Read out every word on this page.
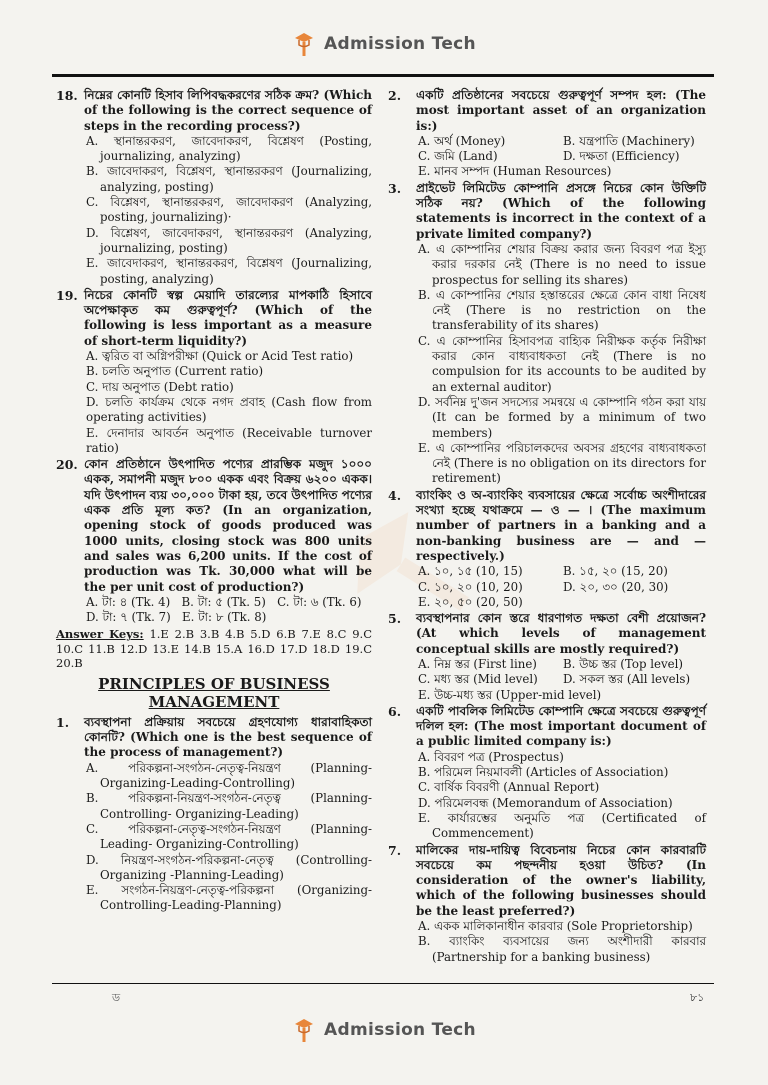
Admission Tech
18. নিম্নের কোনটি হিসাব লিপিবদ্ধকরণের সঠিক ক্রম? (Which of the following is the correct sequence of steps in the recording process?)
A. স্থানান্তরকরণ, জাবেদাকরণ, বিশ্লেষণ (Posting, journalizing, analyzing)
B. জাবেদাকরণ, বিশ্লেষণ, স্থানান্তরকরণ (Journalizing, analyzing, posting)
C. বিশ্লেষণ, স্থানান্তরকরণ, জাবেদাকরণ (Analyzing, posting, journalizing)·
D. বিশ্লেষণ, জাবেদাকরণ, স্থানান্তরকরণ (Analyzing, journalizing, posting)
E. জাবেদাকরণ, স্থানান্তরকরণ, বিশ্লেষণ (Journalizing, posting, analyzing)
19. নিচের কোনটি স্বল্প মেয়াদি তারল্যের মাপকাঠি হিসাবে অপেক্ষাকৃত কম গুরুত্বপূর্ণ? (Which of the following is less important as a measure of short-term liquidity?)
A. ত্বরিত বা অগ্নিপরীক্ষা (Quick or Acid Test ratio)
B. চলতি অনুপাত (Current ratio)
C. দায় অনুপাত (Debt ratio)
D. চলতি কার্যক্রম থেকে নগদ প্রবাহ (Cash flow from operating activities)
E. দেনাদার আবর্তন অনুপাত (Receivable turnover ratio)
20. কোন প্রতিষ্ঠানে উৎপাদিত পণ্যের প্রারম্ভিক মজুদ ১০০০ একক, সমাপনী মজুদ ৮০০ একক এবং বিক্রয় ৬২০০ একক। যদি উৎপাদন ব্যয় ৩০,০০০ টাকা হয়, তবে উৎপাদিত পণ্যের একক প্রতি মূল্য কত? (In an organization, opening stock of goods produced was 1000 units, closing stock was 800 units and sales was 6,200 units. If the cost of production was Tk. 30,000 what will be the per unit cost of production?)
A. টা: ৪ (Tk. 4) B. টা: ৫ (Tk. 5) C. টা: ৬ (Tk. 6)
D. টা: ৭ (Tk. 7) E. টা: ৮ (Tk. 8)
Answer Keys: 1.E 2.B 3.B 4.B 5.D 6.B 7.E 8.C 9.C 10.C 11.B 12.D 13.E 14.B 15.A 16.D 17.D 18.D 19.C 20.B
PRINCIPLES OF BUSINESS MANAGEMENT
1.	ব্যবস্থাপনা প্রক্রিয়ায় সবচেয়ে গ্রহণযোগ্য ধারাবাহিকতা কোনটি? (Which one is the best sequence of the process of management?)
A. পরিকল্পনা-সংগঠন-নেতৃত্ব-নিয়ন্ত্রণ (Planning-Organizing-Leading-Controlling)
B. পরিকল্পনা-নিয়ন্ত্রণ-সংগঠন-নেতৃত্ব (Planning-Controlling- Organizing-Leading)
C. পরিকল্পনা-নেতৃত্ব-সংগঠন-নিয়ন্ত্রণ (Planning-Leading- Organizing-Controlling)
D. নিয়ন্ত্রণ-সংগঠন-পরিকল্পনা-নেতৃত্ব (Controlling-Organizing -Planning-Leading)
E. সংগঠন-নিয়ন্ত্রণ-নেতৃত্ব-পরিকল্পনা (Organizing-Controlling-Leading-Planning)
2.	একটি প্রতিষ্ঠানের সবচেয়ে গুরুত্বপূর্ণ সম্পদ হল: (The most important asset of an organization is:)
A. অর্থ (Money)	B. যন্ত্রপাতি (Machinery)
C. জমি (Land)	D. দক্ষতা (Efficiency)
E. মানব সম্পদ (Human Resources)
3.	প্রাইভেট লিমিটেড কোম্পানি প্রসঙ্গে নিচের কোন উক্তিটি সঠিক নয়? (Which of the following statements is incorrect in the context of a private limited company?)
A. এ কোম্পানির শেয়ার বিক্রয় করার জন্য বিবরণ পত্র ইস্যু করার দরকার নেই (There is no need to issue prospectus for selling its shares)
B. এ কোম্পানির শেয়ার হস্তান্তরের ক্ষেত্রে কোন বাধা নিষেধ নেই (There is no restriction on the transferability of its shares)
C. এ কোম্পানির হিসাবপত্র বাহ্যিক নিরীক্ষক কর্তৃক নিরীক্ষা করার কোন বাধ্যবাধকতা নেই (There is no compulsion for its accounts to be audited by an external auditor)
D. সর্বনিম্ন দু'জন সদস্যের সমন্বয়ে এ কোম্পানি গঠন করা যায় (It can be formed by a minimum of two members)
E. এ কোম্পানির পরিচালকদের অবসর গ্রহণের বাধ্যবাধকতা নেই (There is no obligation on its directors for retirement)
4.	ব্যাংকিং ও অ-ব্যাংকিং ব্যবসায়ের ক্ষেত্রে সর্বোচ্চ অংশীদারের সংখ্যা হচ্ছে যথাক্রমে — ও — । (The maximum number of partners in a banking and a non-banking business are — and — respectively.)
A. ১০, ১৫ (10, 15)	B. ১৫, ২০ (15, 20)
C. ১০, ২০ (10, 20)	D. ২০, ৩০ (20, 30)
E. ২০, ৫০ (20, 50)
5.	ব্যবস্থাপনার কোন স্তরে ধারণাগত দক্ষতা বেশী প্রয়োজন? (At which levels of management conceptual skills are mostly required?)
A. নিম্ন স্তর (First line)	B. উচ্চ স্তর (Top level)
C. মধ্য স্তর (Mid level)	D. সকল স্তর (All levels)
E. উচ্চ-মধ্য স্তর (Upper-mid level)
6.	একটি পাবলিক লিমিটেড কোম্পানি ক্ষেত্রে সবচেয়ে গুরুত্বপূর্ণ দলিল হল: (The most important document of a public limited company is:)
A. বিবরণ পত্র (Prospectus)
B. পরিমেল নিয়মাবলী (Articles of Association)
C. বার্ষিক বিবরণী (Annual Report)
D. পরিমেলবন্ধ (Memorandum of Association)
E. কার্যারম্ভের অনুমতি পত্র (Certificated of Commencement)
7.	মালিকের দায়-দায়িত্ব বিবেচনায় নিচের কোন কারবারটি সবচেয়ে কম পছন্দনীয় হওয়া উচিত? (In consideration of the owner's liability, which of the following businesses should be the least preferred?)
A. একক মালিকানাধীন কারবার (Sole Proprietorship)
B. ব্যাংকিং ব্যবসায়ের জন্য অংশীদারী কারবার (Partnership for a banking business)
ড	৮১
Admission Tech
